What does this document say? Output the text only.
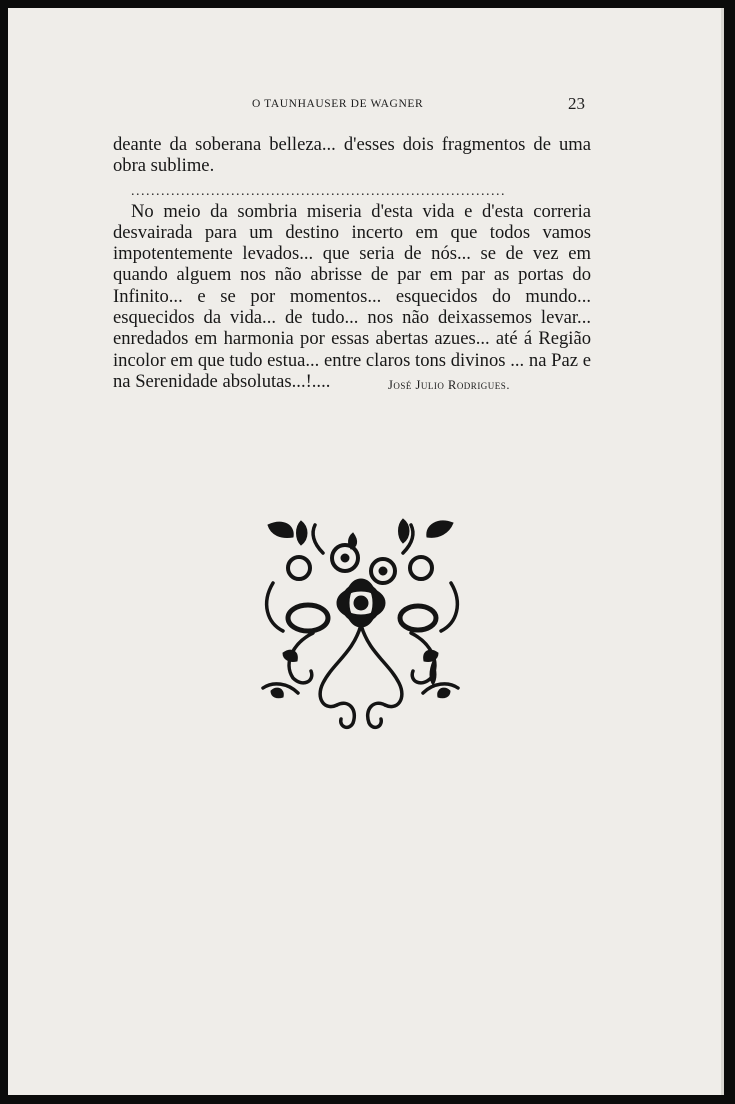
O TAUNHAUSER DE WAGNER	23

deante da soberana belleza... d'esses dois fragmentos de uma obra sublime.

...........................................................................

No meio da sombria miseria d'esta vida e d'esta correria desvairada para um destino incerto em que todos vamos impotentemente levados... que seria de nós... se de vez em quando alguem nos não abrisse de par em par as portas do Infinito... e se por momentos... esquecidos do mundo... esquecidos da vida... de tudo... nos não deixassemos levar... enredados em harmonia por essas abertas azues... até á Região incolor em que tudo estua... entre claros tons divinos ... na Paz e na Serenidade absolutas...!....	José Julio Rodrigues.
